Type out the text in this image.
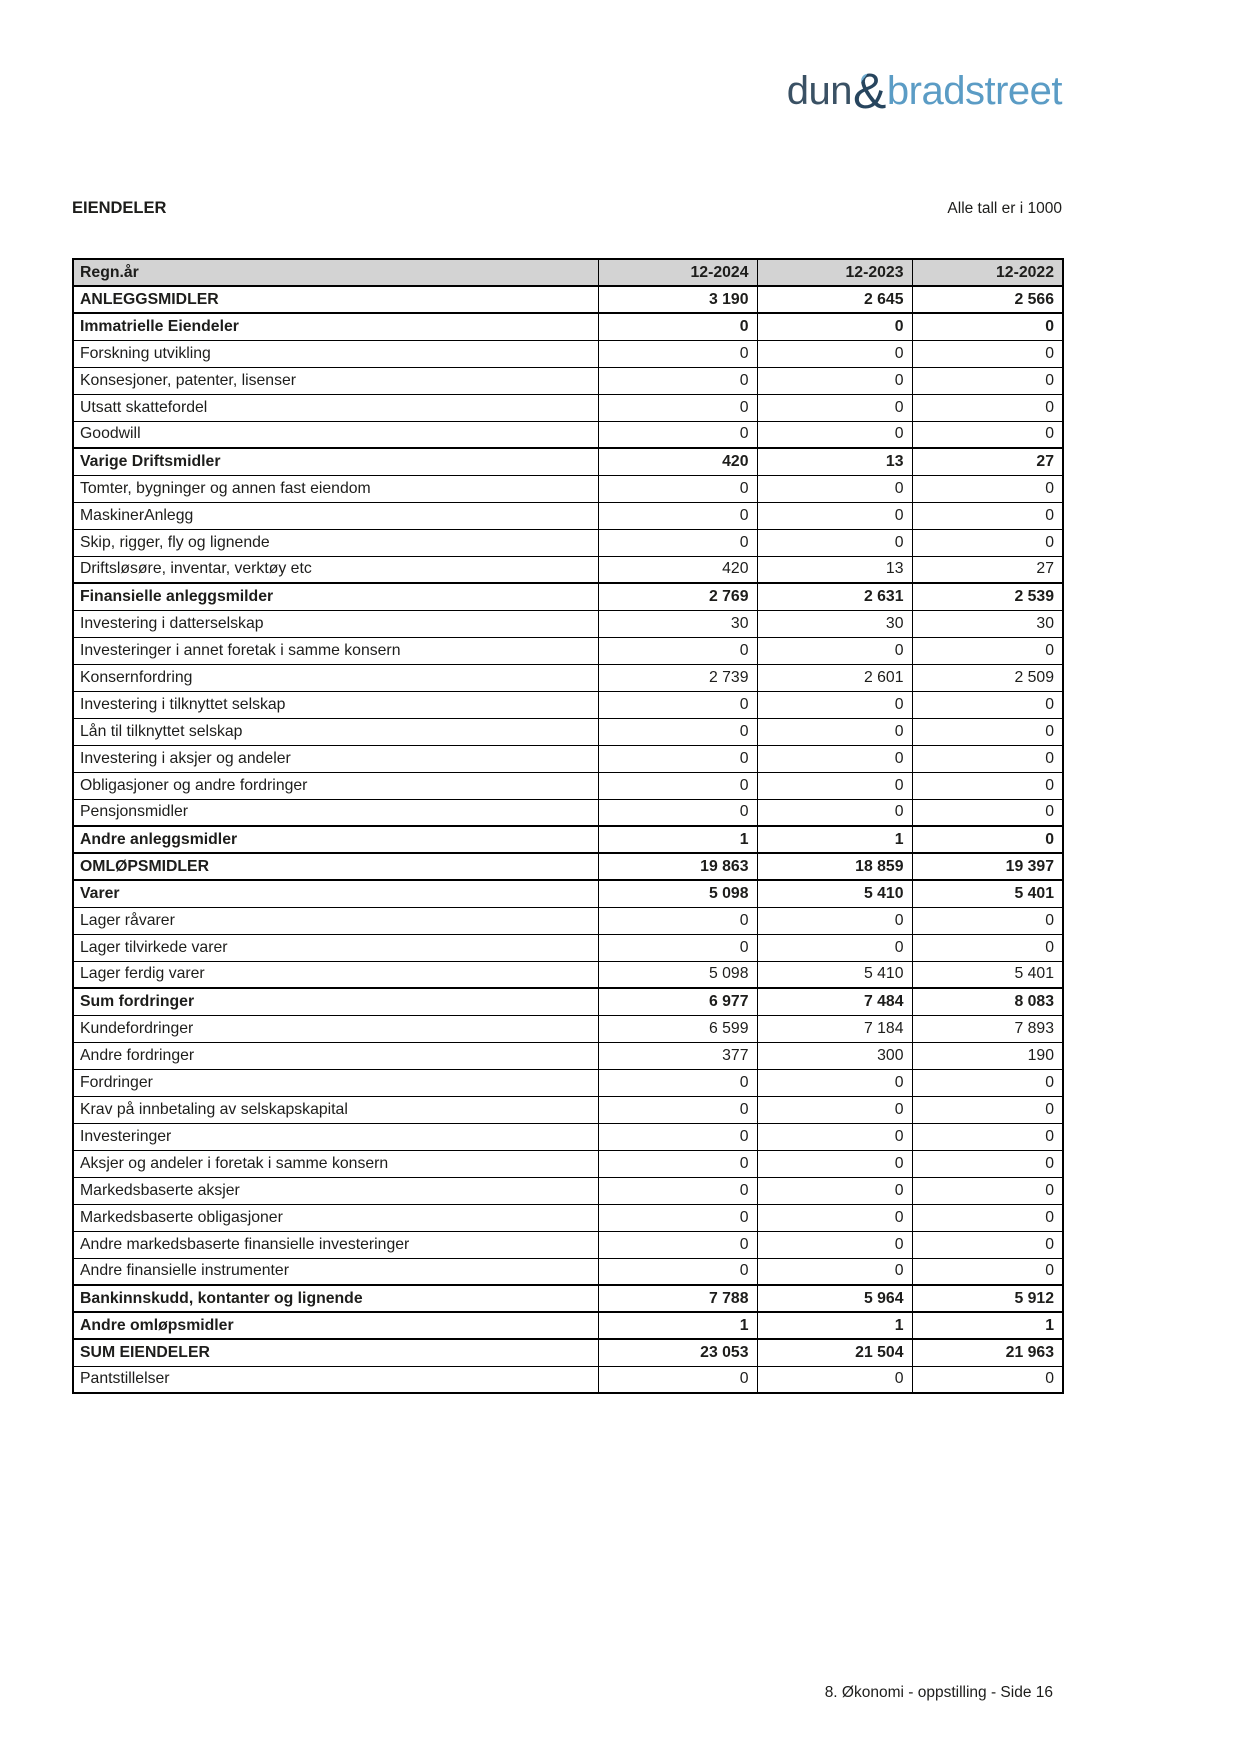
dun&bradstreet
EIENDELER	Alle tall er i 1000
Regn.år	12-2024	12-2023	12-2022
ANLEGGSMIDLER	3 190	2 645	2 566
Immatrielle Eiendeler	0	0	0
Forskning utvikling	0	0	0
Konsesjoner, patenter, lisenser	0	0	0
Utsatt skattefordel	0	0	0
Goodwill	0	0	0
Varige Driftsmidler	420	13	27
Tomter, bygninger og annen fast eiendom	0	0	0
MaskinerAnlegg	0	0	0
Skip, rigger, fly og lignende	0	0	0
Driftsløsøre, inventar, verktøy etc	420	13	27
Finansielle anleggsmilder	2 769	2 631	2 539
Investering i datterselskap	30	30	30
Investeringer i annet foretak i samme konsern	0	0	0
Konsernfordring	2 739	2 601	2 509
Investering i tilknyttet selskap	0	0	0
Lån til tilknyttet selskap	0	0	0
Investering i aksjer og andeler	0	0	0
Obligasjoner og andre fordringer	0	0	0
Pensjonsmidler	0	0	0
Andre anleggsmidler	1	1	0
OMLØPSMIDLER	19 863	18 859	19 397
Varer	5 098	5 410	5 401
Lager råvarer	0	0	0
Lager tilvirkede varer	0	0	0
Lager ferdig varer	5 098	5 410	5 401
Sum fordringer	6 977	7 484	8 083
Kundefordringer	6 599	7 184	7 893
Andre fordringer	377	300	190
Fordringer	0	0	0
Krav på innbetaling av selskapskapital	0	0	0
Investeringer	0	0	0
Aksjer og andeler i foretak i samme konsern	0	0	0
Markedsbaserte aksjer	0	0	0
Markedsbaserte obligasjoner	0	0	0
Andre markedsbaserte finansielle investeringer	0	0	0
Andre finansielle instrumenter	0	0	0
Bankinnskudd, kontanter og lignende	7 788	5 964	5 912
Andre omløpsmidler	1	1	1
SUM EIENDELER	23 053	21 504	21 963
Pantstillelser	0	0	0
8. Økonomi - oppstilling - Side 16
